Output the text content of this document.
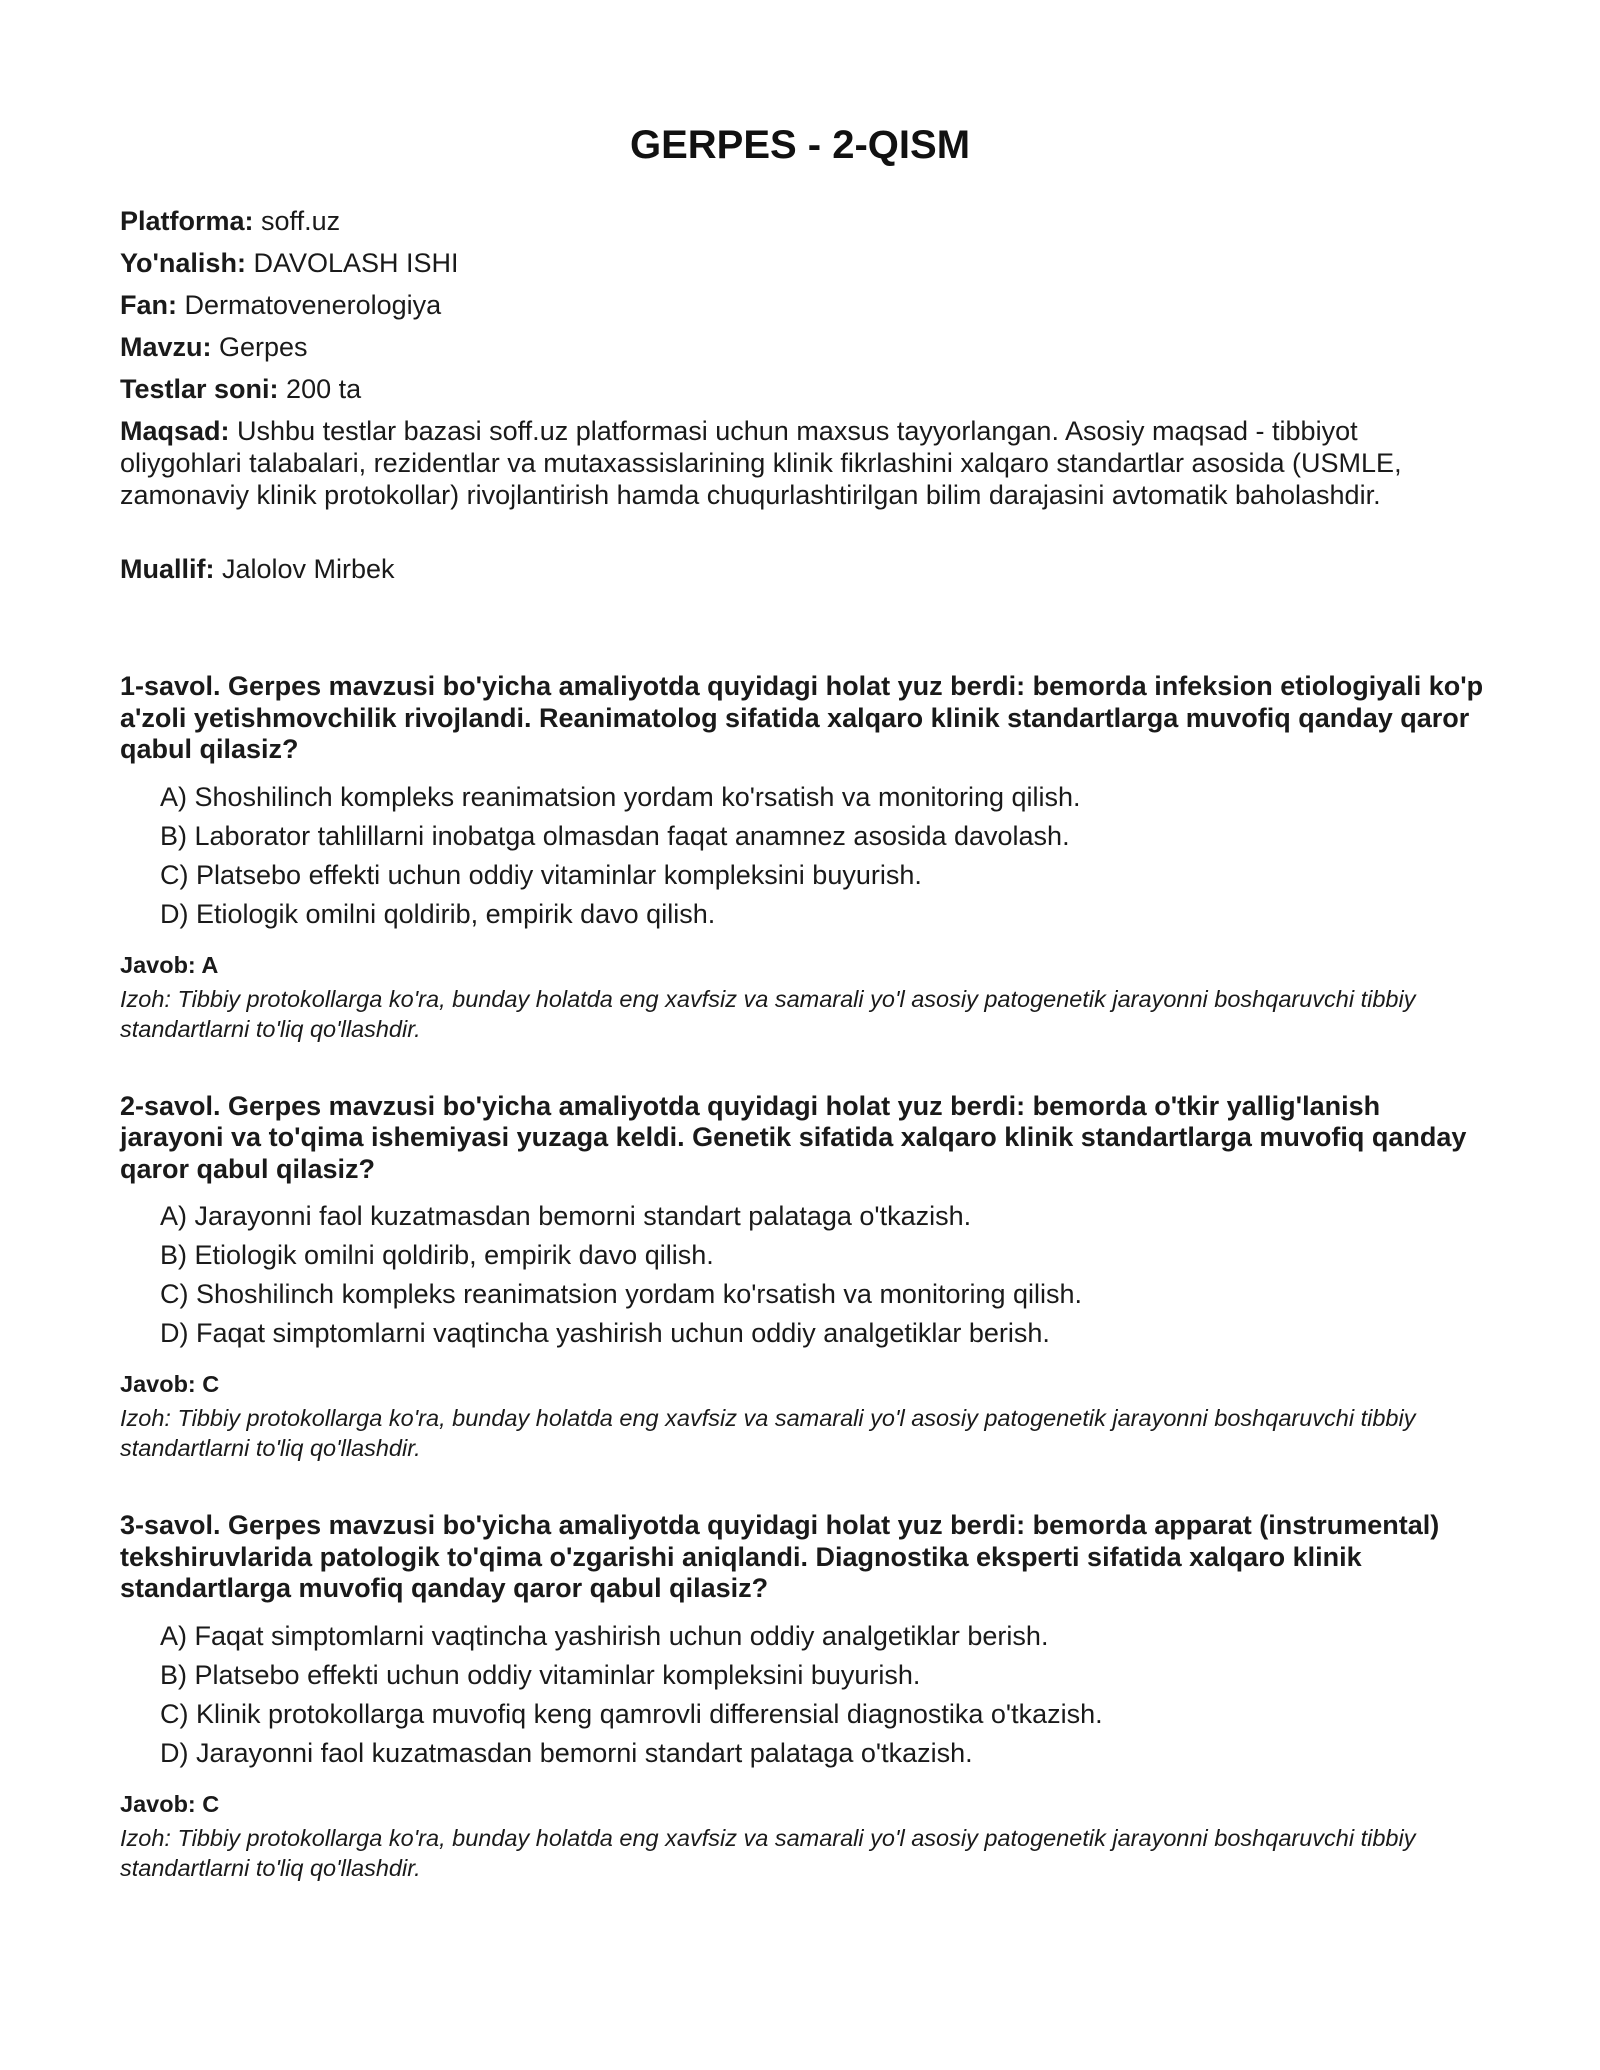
GERPES - 2-QISM
Platforma: soff.uz
Yo'nalish: DAVOLASH ISHI
Fan: Dermatovenerologiya
Mavzu: Gerpes
Testlar soni: 200 ta
Maqsad: Ushbu testlar bazasi soff.uz platformasi uchun maxsus tayyorlangan. Asosiy maqsad - tibbiyot oliygohlari talabalari, rezidentlar va mutaxassislarining klinik fikrlashini xalqaro standartlar asosida (USMLE, zamonaviy klinik protokollar) rivojlantirish hamda chuqurlashtirilgan bilim darajasini avtomatik baholashdir.
Muallif: Jalolov Mirbek
1-savol. Gerpes mavzusi bo'yicha amaliyotda quyidagi holat yuz berdi: bemorda infeksion etiologiyali ko'p a'zoli yetishmovchilik rivojlandi. Reanimatolog sifatida xalqaro klinik standartlarga muvofiq qanday qaror qabul qilasiz?
A) Shoshilinch kompleks reanimatsion yordam ko'rsatish va monitoring qilish.
B) Laborator tahlillarni inobatga olmasdan faqat anamnez asosida davolash.
C) Platsebo effekti uchun oddiy vitaminlar kompleksini buyurish.
D) Etiologik omilni qoldirib, empirik davo qilish.
Javob: A
Izoh: Tibbiy protokollarga ko'ra, bunday holatda eng xavfsiz va samarali yo'l asosiy patogenetik jarayonni boshqaruvchi tibbiy standartlarni to'liq qo'llashdir.
2-savol. Gerpes mavzusi bo'yicha amaliyotda quyidagi holat yuz berdi: bemorda o'tkir yallig'lanish jarayoni va to'qima ishemiyasi yuzaga keldi. Genetik sifatida xalqaro klinik standartlarga muvofiq qanday qaror qabul qilasiz?
A) Jarayonni faol kuzatmasdan bemorni standart palataga o'tkazish.
B) Etiologik omilni qoldirib, empirik davo qilish.
C) Shoshilinch kompleks reanimatsion yordam ko'rsatish va monitoring qilish.
D) Faqat simptomlarni vaqtincha yashirish uchun oddiy analgetiklar berish.
Javob: C
Izoh: Tibbiy protokollarga ko'ra, bunday holatda eng xavfsiz va samarali yo'l asosiy patogenetik jarayonni boshqaruvchi tibbiy standartlarni to'liq qo'llashdir.
3-savol. Gerpes mavzusi bo'yicha amaliyotda quyidagi holat yuz berdi: bemorda apparat (instrumental) tekshiruvlarida patologik to'qima o'zgarishi aniqlandi. Diagnostika eksperti sifatida xalqaro klinik standartlarga muvofiq qanday qaror qabul qilasiz?
A) Faqat simptomlarni vaqtincha yashirish uchun oddiy analgetiklar berish.
B) Platsebo effekti uchun oddiy vitaminlar kompleksini buyurish.
C) Klinik protokollarga muvofiq keng qamrovli differensial diagnostika o'tkazish.
D) Jarayonni faol kuzatmasdan bemorni standart palataga o'tkazish.
Javob: C
Izoh: Tibbiy protokollarga ko'ra, bunday holatda eng xavfsiz va samarali yo'l asosiy patogenetik jarayonni boshqaruvchi tibbiy standartlarni to'liq qo'llashdir.
